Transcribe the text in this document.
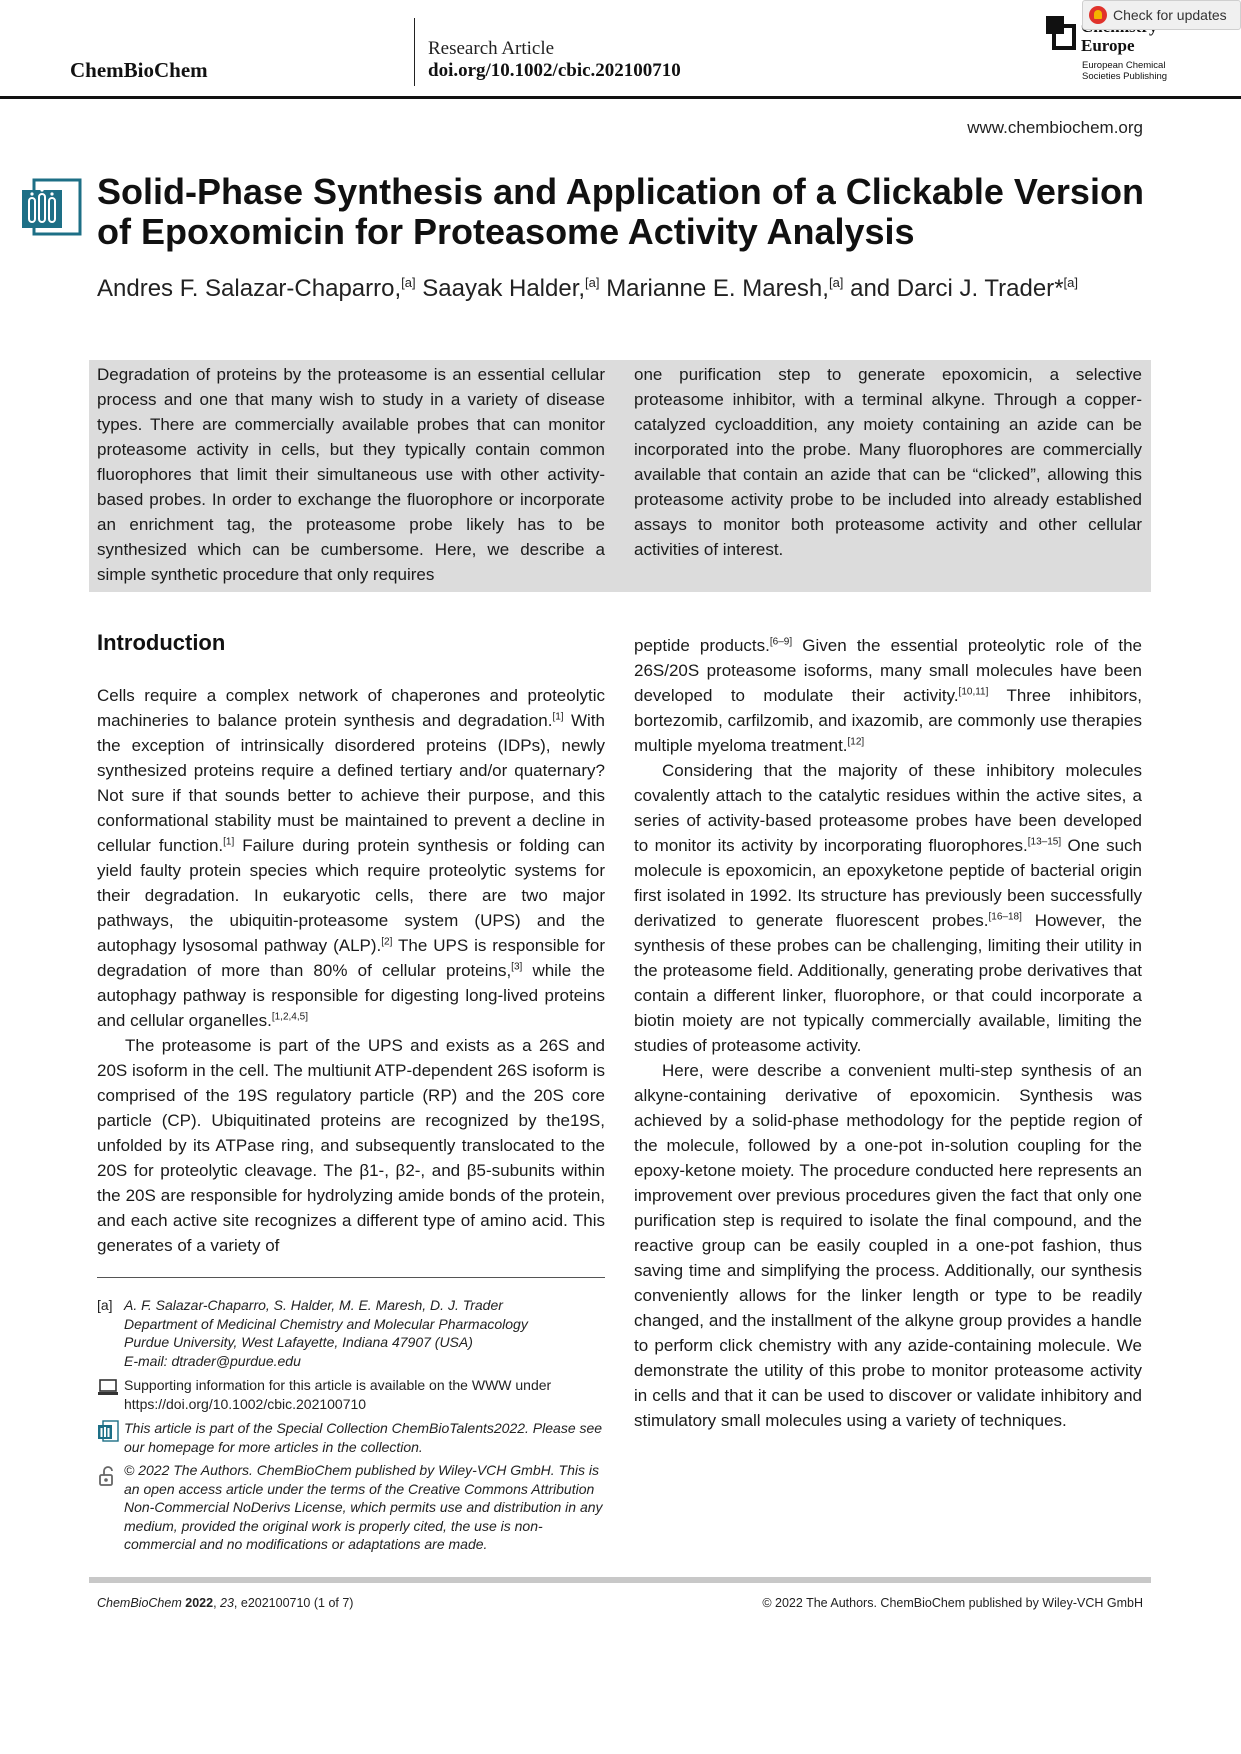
ChemBioChem
Research Article
doi.org/10.1002/cbic.202100710
Europe
European Chemical
Societies Publishing
Check for updates
www.chembiochem.org
Solid-Phase Synthesis and Application of a Clickable Version of Epoxomicin for Proteasome Activity Analysis
Andres F. Salazar-Chaparro,[a] Saayak Halder,[a] Marianne E. Maresh,[a] and Darci J. Trader*[a]

Degradation of proteins by the proteasome is an essential cellular process and one that many wish to study in a variety of disease types. There are commercially available probes that can monitor proteasome activity in cells, but they typically contain common fluorophores that limit their simultaneous use with other activity-based probes. In order to exchange the fluorophore or incorporate an enrichment tag, the proteasome probe likely has to be synthesized which can be cumbersome. Here, we describe a simple synthetic procedure that only requires

one purification step to generate epoxomicin, a selective proteasome inhibitor, with a terminal alkyne. Through a copper-catalyzed cycloaddition, any moiety containing an azide can be incorporated into the probe. Many fluorophores are commercially available that contain an azide that can be “clicked”, allowing this proteasome activity probe to be included into already established assays to monitor both proteasome activity and other cellular activities of interest.

Introduction

Cells require a complex network of chaperones and proteolytic machineries to balance protein synthesis and degradation.[1] With the exception of intrinsically disordered proteins (IDPs), newly synthesized proteins require a defined tertiary and/or quaternary? Not sure if that sounds better to achieve their purpose, and this conformational stability must be maintained to prevent a decline in cellular function.[1] Failure during protein synthesis or folding can yield faulty protein species which require proteolytic systems for their degradation. In eukaryotic cells, there are two major pathways, the ubiquitin-proteasome system (UPS) and the autophagy lysosomal pathway (ALP).[2] The UPS is responsible for degradation of more than 80% of cellular proteins,[3] while the autophagy pathway is responsible for digesting long-lived proteins and cellular organelles.[1,2,4,5]

The proteasome is part of the UPS and exists as a 26S and 20S isoform in the cell. The multiunit ATP-dependent 26S isoform is comprised of the 19S regulatory particle (RP) and the 20S core particle (CP). Ubiquitinated proteins are recognized by the19S, unfolded by its ATPase ring, and subsequently translocated to the 20S for proteolytic cleavage. The β1-, β2-, and β5-subunits within the 20S are responsible for hydrolyzing amide bonds of the protein, and each active site recognizes a different type of amino acid. This generates of a variety of

peptide products.[6–9] Given the essential proteolytic role of the 26S/20S proteasome isoforms, many small molecules have been developed to modulate their activity.[10,11] Three inhibitors, bortezomib, carfilzomib, and ixazomib, are commonly use therapies multiple myeloma treatment.[12]

Considering that the majority of these inhibitory molecules covalently attach to the catalytic residues within the active sites, a series of activity-based proteasome probes have been developed to monitor its activity by incorporating fluorophores.[13–15] One such molecule is epoxomicin, an epoxyketone peptide of bacterial origin first isolated in 1992. Its structure has previously been successfully derivatized to generate fluorescent probes.[16–18] However, the synthesis of these probes can be challenging, limiting their utility in the proteasome field. Additionally, generating probe derivatives that contain a different linker, fluorophore, or that could incorporate a biotin moiety are not typically commercially available, limiting the studies of proteasome activity.

Here, were describe a convenient multi-step synthesis of an alkyne-containing derivative of epoxomicin. Synthesis was achieved by a solid-phase methodology for the peptide region of the molecule, followed by a one-pot in-solution coupling for the epoxy-ketone moiety. The procedure conducted here represents an improvement over previous procedures given the fact that only one purification step is required to isolate the final compound, and the reactive group can be easily coupled in a one-pot fashion, thus saving time and simplifying the process. Additionally, our synthesis conveniently allows for the linker length or type to be readily changed, and the installment of the alkyne group provides a handle to perform click chemistry with any azide-containing molecule. We demonstrate the utility of this probe to monitor proteasome activity in cells and that it can be used to discover or validate inhibitory and stimulatory small molecules using a variety of techniques.

[a] A. F. Salazar-Chaparro, S. Halder, M. E. Maresh, D. J. Trader
Department of Medicinal Chemistry and Molecular Pharmacology
Purdue University, West Lafayette, Indiana 47907 (USA)
E-mail: dtrader@purdue.edu
Supporting information for this article is available on the WWW under https://doi.org/10.1002/cbic.202100710
This article is part of the Special Collection ChemBioTalents2022. Please see our homepage for more articles in the collection.
© 2022 The Authors. ChemBioChem published by Wiley-VCH GmbH. This is an open access article under the terms of the Creative Commons Attribution Non-Commercial NoDerivs License, which permits use and distribution in any medium, provided the original work is properly cited, the use is non-commercial and no modifications or adaptations are made.
ChemBioChem 2022, 23, e202100710 (1 of 7)	© 2022 The Authors. ChemBioChem published by Wiley-VCH GmbH
